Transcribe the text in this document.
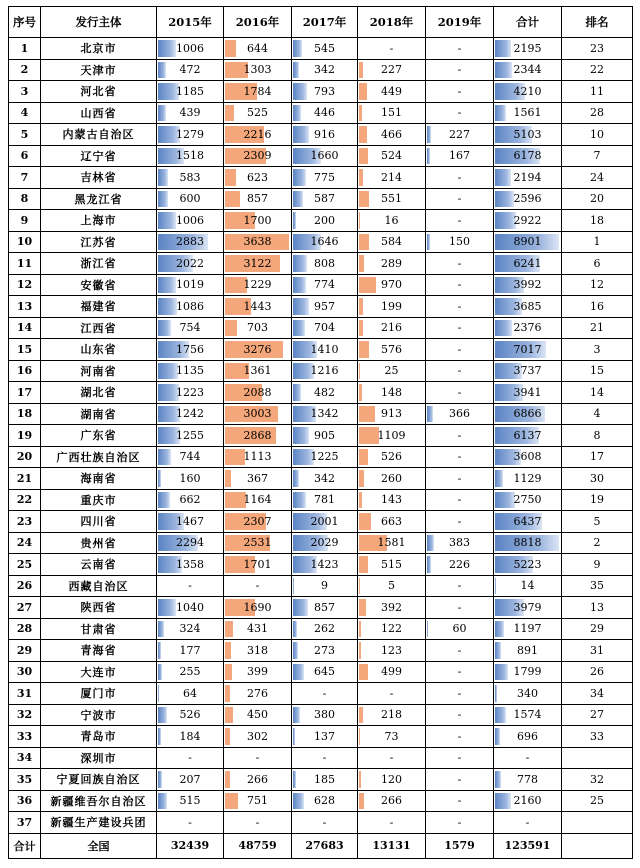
序号	发行主体	2015年	2016年	2017年	2018年	2019年	合计	排名
1	北京市	1006	644	545	-	-	2195	23
2	天津市	472	1303	342	227	-	2344	22
3	河北省	1185	1784	793	449	-	4210	11
4	山西省	439	525	446	151	-	1561	28
5	内蒙古自治区	1279	2216	916	466	227	5103	10
6	辽宁省	1518	2309	1660	524	167	6178	7
7	吉林省	583	623	775	214	-	2194	24
8	黑龙江省	600	857	587	551	-	2596	20
9	上海市	1006	1700	200	16	-	2922	18
10	江苏省	2883	3638	1646	584	150	8901	1
11	浙江省	2022	3122	808	289	-	6241	6
12	安徽省	1019	1229	774	970	-	3992	12
13	福建省	1086	1443	957	199	-	3685	16
14	江西省	754	703	704	216	-	2376	21
15	山东省	1756	3276	1410	576	-	7017	3
16	河南省	1135	1361	1216	25	-	3737	15
17	湖北省	1223	2088	482	148	-	3941	14
18	湖南省	1242	3003	1342	913	366	6866	4
19	广东省	1255	2868	905	1109	-	6137	8
20	广西壮族自治区	744	1113	1225	526	-	3608	17
21	海南省	160	367	342	260	-	1129	30
22	重庆市	662	1164	781	143	-	2750	19
23	四川省	1467	2307	2001	663	-	6437	5
24	贵州省	2294	2531	2029	1581	383	8818	2
25	云南省	1358	1701	1423	515	226	5223	9
26	西藏自治区	-	-	9	5	-	14	35
27	陕西省	1040	1690	857	392	-	3979	13
28	甘肃省	324	431	262	122	60	1197	29
29	青海省	177	318	273	123	-	891	31
30	大连市	255	399	645	499	-	1799	26
31	厦门市	64	276	-	-	-	340	34
32	宁波市	526	450	380	218	-	1574	27
33	青岛市	184	302	137	73	-	696	33
34	深圳市	-	-	-	-	-	-	
35	宁夏回族自治区	207	266	185	120	-	778	32
36	新疆维吾尔自治区	515	751	628	266	-	2160	25
37	新疆生产建设兵团	-	-	-	-	-	-	
合计	全国	32439	48759	27683	13131	1579	123591	
